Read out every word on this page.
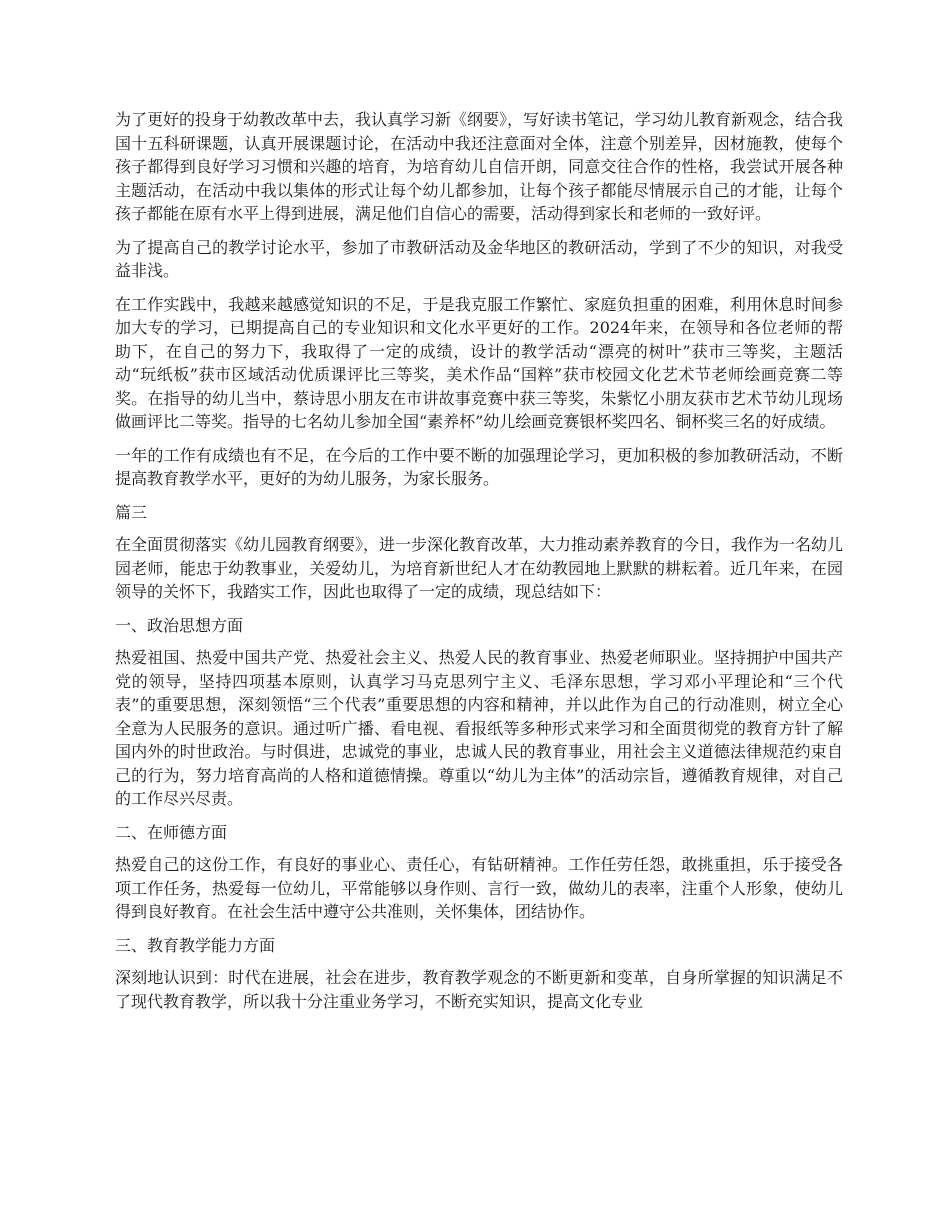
为了更好的投身于幼教改革中去，我认真学习新《纲要》，写好读书笔记，学习幼儿教育新观念，结合我国十五科研课题，认真开展课题讨论，在活动中我还注意面对全体，注意个别差异，因材施教，使每个孩子都得到良好学习习惯和兴趣的培育，为培育幼儿自信开朗，同意交往合作的性格，我尝试开展各种主题活动，在活动中我以集体的形式让每个幼儿都参加，让每个孩子都能尽情展示自己的才能，让每个孩子都能在原有水平上得到进展，满足他们自信心的需要，活动得到家长和老师的一致好评。

为了提高自己的教学讨论水平，参加了市教研活动及金华地区的教研活动，学到了不少的知识，对我受益非浅。

在工作实践中，我越来越感觉知识的不足，于是我克服工作繁忙、家庭负担重的困难，利用休息时间参加大专的学习，已期提高自己的专业知识和文化水平更好的工作。2024年来，在领导和各位老师的帮助下，在自己的努力下，我取得了一定的成绩，设计的教学活动“漂亮的树叶”获市三等奖，主题活动“玩纸板”获市区域活动优质课评比三等奖，美术作品“国粹”获市校园文化艺术节老师绘画竞赛二等奖。在指导的幼儿当中，蔡诗思小朋友在市讲故事竞赛中获三等奖，朱紫忆小朋友获市艺术节幼儿现场做画评比二等奖。指导的七名幼儿参加全国“素养杯”幼儿绘画竞赛银杯奖四名、铜杯奖三名的好成绩。

一年的工作有成绩也有不足，在今后的工作中要不断的加强理论学习，更加积极的参加教研活动，不断提高教育教学水平，更好的为幼儿服务，为家长服务。

篇三

在全面贯彻落实《幼儿园教育纲要》，进一步深化教育改革，大力推动素养教育的今日，我作为一名幼儿园老师，能忠于幼教事业，关爱幼儿，为培育新世纪人才在幼教园地上默默的耕耘着。近几年来，在园领导的关怀下，我踏实工作，因此也取得了一定的成绩，现总结如下：

一、政治思想方面

热爱祖国、热爱中国共产党、热爱社会主义、热爱人民的教育事业、热爱老师职业。坚持拥护中国共产党的领导，坚持四项基本原则，认真学习马克思列宁主义、毛泽东思想，学习邓小平理论和“三个代表”的重要思想，深刻领悟“三个代表”重要思想的内容和精神，并以此作为自己的行动准则，树立全心全意为人民服务的意识。通过听广播、看电视、看报纸等多种形式来学习和全面贯彻党的教育方针了解国内外的时世政治。与时俱进，忠诚党的事业，忠诚人民的教育事业，用社会主义道德法律规范约束自己的行为，努力培育高尚的人格和道德情操。尊重以“幼儿为主体”的活动宗旨，遵循教育规律，对自己的工作尽兴尽责。

二、在师德方面

热爱自己的这份工作，有良好的事业心、责任心，有钻研精神。工作任劳任怨，敢挑重担，乐于接受各项工作任务，热爱每一位幼儿，平常能够以身作则、言行一致，做幼儿的表率，注重个人形象，使幼儿得到良好教育。在社会生活中遵守公共准则，关怀集体，团结协作。

三、教育教学能力方面

深刻地认识到：时代在进展，社会在进步，教育教学观念的不断更新和变革，自身所掌握的知识满足不了现代教育教学，所以我十分注重业务学习，不断充实知识，提高文化专业
